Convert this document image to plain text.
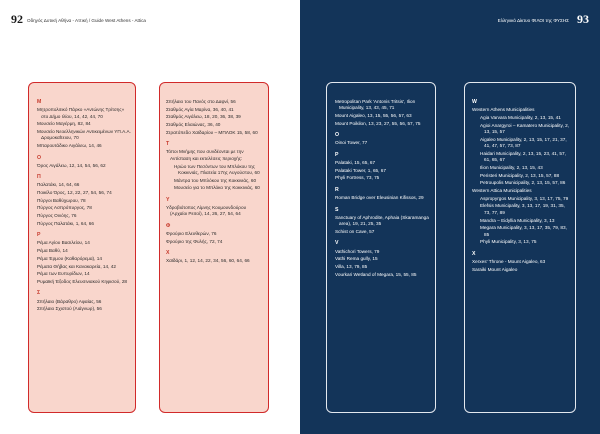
92 Οδηγός Δυτική Αθήνα - Αττική / Guide West Athens - Attica
Μ
Μητροπολιτικό Πάρκο «Αντώνης Τρίτσης» στο Δήμο Ιλίου, 14, 42, 44, 70
Μουσείο Μαγέρμη, 82, 84
Μουσείο Νεοελληνικών Αντικειμένων ΥΠ.Α.Α. Δρομοκαΐτειου, 70
Μπαρουτάδικο Αιγάλεω, 14, 46
Ο
Όρος Αιγάλεω, 12, 14, 54, 56, 62
Π
Παλατάκι, 14, 64, 66
Ποικίλο Όρος, 12, 22, 27, 54, 56, 74
Πύργοι Βαθύχωρου, 78
Πύργος Ασπρόπυργος, 78
Πύργος Οινόης, 76
Πύργος Παλατάκι, 1, 64, 66
Ρ
Ρέμα Αγίου Βασιλείου, 14
Ρέμα Βαθύ, 14
Ρέμα Έρμου (Καθαρόρεμα), 14
Ρέματα Θήβας και Κανακαρεία, 14, 42
Ρέμα των Ευπυρίδων, 14
Ρυμαϊκή Έξοδος Ελευσινιακού Κηφισού, 28
Σ
Σπήλαιο (Βάραθρο) Αφαίας, 56
Σπήλαιο Σχιστού (Λιάγνωρ), 56
Σπήλαιο του Πανός στο Δαφνί, 56
Σταθμός Αγία Μαρίνα, 36, 40, 41
Σταθμός Αιγάλεω, 18, 20, 36, 38, 39
Σταθμός Ελαιώνας, 36, 40
Στρατόπεδο Χαϊδαρίου – ΜΠΛΟΚ 15, 58, 60
Τ
Τόποι Μνήμης που συνδέονται με την Αντίσταση και εκτελέσεις περιοχής:
Ηρώο των Πεσόντων του Μπλόκου της Κοκκινιάς, Πλατεία 17ης Αυγούστου, 60
Μάντρα του Μπλόκου της Κοκκινιάς, 60
Μουσείο για το Μπλόκο της Κοκκινιάς, 60
Υ
Υδροβιότοπος Λίμνης Κουμουνδούρου (Αρχαίοι Ρειτοί), 14, 26, 27, 54, 64
Φ
Φρούριο Ελευθερών, 76
Φρούριο της Φυλής, 72, 74
Χ
Χαϊδάρι, 1, 12, 14, 22, 34, 56, 60, 64, 66
93
Ελληνικό Δίκτυο ΦΙΛΟΙ της ΦΥΣΗΣ
Metropolitan Park 'Antonis Tritsis', Ilion Municipality, 13, 43, 45, 71
Mount Aigaleo, 13, 15, 55, 56, 57, 63
Mount Poikilon, 13, 23, 27, 55, 56, 57, 75
O
Oinoi Tower, 77
P
Palataki, 15, 65, 67
Palataki Tower, 1, 65, 67
Phyli Fortress, 73, 75
R
Roman Bridge over Eleusinian Kifissos, 29
S
Sanctuary of Aphrodite, Aphaia (Skaramanga area), 19, 21, 25, 35
Schist on Cave, 57
V
Vathichori Towers, 79
Vathi Rema gully, 15
Villa, 13, 79, 85
Vourkari Wetland of Megara, 15, 55, 85
W
Western Athens Municipalities
Agia Varvara Municipality, 2, 13, 15, 41
Agioi Anargyroi – Kamatero Municipality, 2, 13, 15, 57
Aigaleo Municipality, 2, 13, 15, 17, 21, 37, 41, 47, 57, 73, 87
Haidari Municipality, 2, 13, 15, 23, 41, 57, 61, 65, 67
Ilion Municipality, 2, 13, 15, 43
Peristeri Municipality, 2, 13, 15, 57, 88
Petroupolis Municipality, 2, 13, 15, 57, 86
Western Attica Municipalities
Aspropyrgos Municipality, 3, 13, 17, 75, 79
Elefsis Municipality, 3, 13, 17, 19, 31, 35, 73, 77, 89
Mandra – Eidyllia Municipality, 3, 13
Megara Municipality, 3, 13, 17, 35, 79, 83, 85
Phyli Municipality, 3, 13, 75
X
Xerxes' Throne - Mount Aigaleo, 63
Saraiki Mount Aigaleo
